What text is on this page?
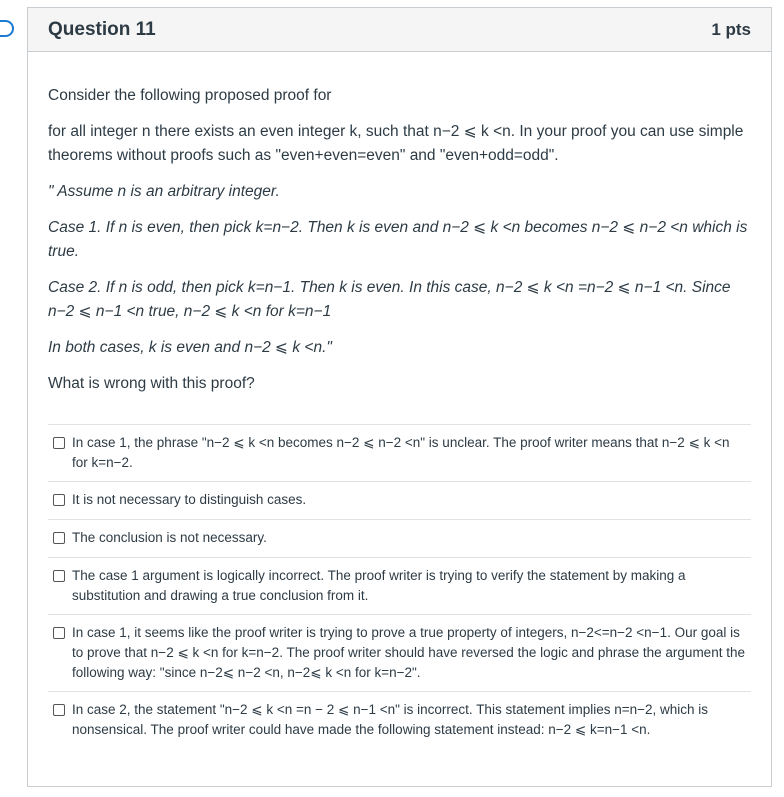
Question 11	1 pts

Consider the following proposed proof for

for all integer n there exists an even integer k, such that n−2 ⩽ k <n. In your proof you can use simple theorems without proofs such as "even+even=even" and "even+odd=odd".

" Assume n is an arbitrary integer.

Case 1. If n is even, then pick k=n−2. Then k is even and n−2 ⩽ k <n becomes n−2 ⩽ n−2 <n which is true.

Case 2. If n is odd, then pick k=n−1. Then k is even. In this case, n−2 ⩽ k <n =n−2 ⩽ n−1 <n. Since n−2 ⩽ n−1 <n true, n−2 ⩽ k <n for k=n−1

In both cases, k is even and n−2 ⩽ k <n."

What is wrong with this proof?

In case 1, the phrase "n−2 ⩽ k <n becomes n−2 ⩽ n−2 <n" is unclear. The proof writer means that n−2 ⩽ k <n for k=n−2.
It is not necessary to distinguish cases.
The conclusion is not necessary.
The case 1 argument is logically incorrect. The proof writer is trying to verify the statement by making a substitution and drawing a true conclusion from it.
In case 1, it seems like the proof writer is trying to prove a true property of integers, n−2<=n−2 <n−1. Our goal is to prove that n−2 ⩽ k <n for k=n−2. The proof writer should have reversed the logic and phrase the argument the following way: "since n−2⩽ n−2 <n, n−2⩽ k <n for k=n−2".
In case 2, the statement "n−2 ⩽ k <n =n − 2 ⩽ n−1 <n" is incorrect. This statement implies n=n−2, which is nonsensical. The proof writer could have made the following statement instead: n−2 ⩽ k=n−1 <n.
